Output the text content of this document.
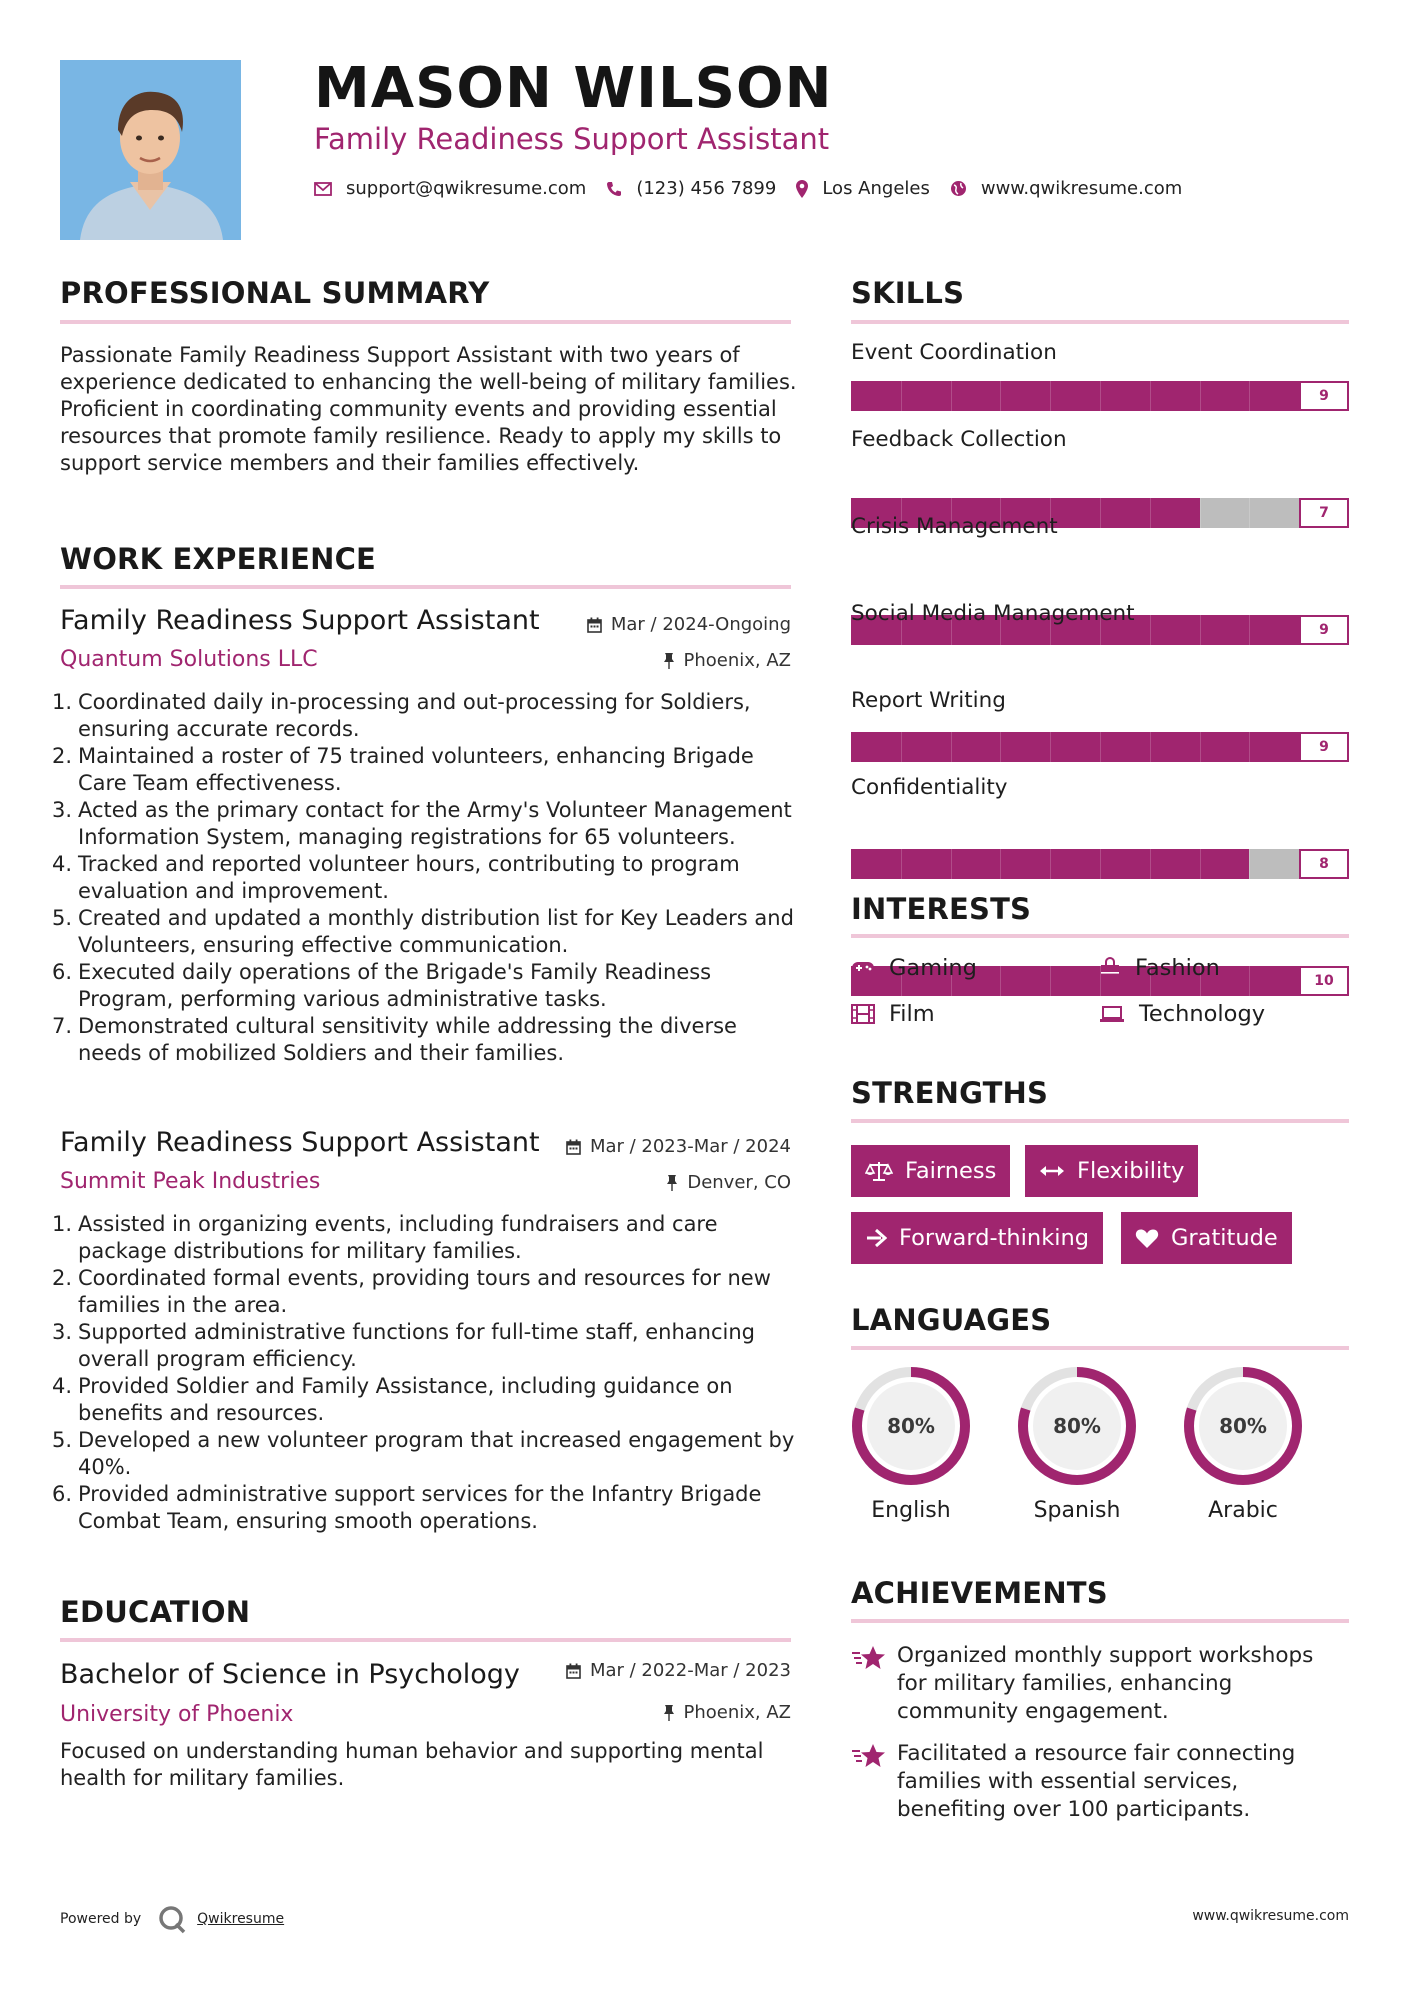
MASON WILSON
Family Readiness Support Assistant
support@qwikresume.com	(123) 456 7899	Los Angeles	www.qwikresume.com
PROFESSIONAL SUMMARY
Passionate Family Readiness Support Assistant with two years of experience dedicated to enhancing the well-being of military families. Proficient in coordinating community events and providing essential resources that promote family resilience. Ready to apply my skills to support service members and their families effectively.
WORK EXPERIENCE
Family Readiness Support Assistant	Mar / 2024-Ongoing
Quantum Solutions LLC	Phoenix, AZ
1. Coordinated daily in-processing and out-processing for Soldiers, ensuring accurate records.
2. Maintained a roster of 75 trained volunteers, enhancing Brigade Care Team effectiveness.
3. Acted as the primary contact for the Army's Volunteer Management Information System, managing registrations for 65 volunteers.
4. Tracked and reported volunteer hours, contributing to program evaluation and improvement.
5. Created and updated a monthly distribution list for Key Leaders and Volunteers, ensuring effective communication.
6. Executed daily operations of the Brigade's Family Readiness Program, performing various administrative tasks.
7. Demonstrated cultural sensitivity while addressing the diverse needs of mobilized Soldiers and their families.
Family Readiness Support Assistant	Mar / 2023-Mar / 2024
Summit Peak Industries	Denver, CO
1. Assisted in organizing events, including fundraisers and care package distributions for military families.
2. Coordinated formal events, providing tours and resources for new families in the area.
3. Supported administrative functions for full-time staff, enhancing overall program efficiency.
4. Provided Soldier and Family Assistance, including guidance on benefits and resources.
5. Developed a new volunteer program that increased engagement by 40%.
6. Provided administrative support services for the Infantry Brigade Combat Team, ensuring smooth operations.
EDUCATION
Bachelor of Science in Psychology	Mar / 2022-Mar / 2023
University of Phoenix	Phoenix, AZ
Focused on understanding human behavior and supporting mental health for military families.
SKILLS
Event Coordination
9
Feedback Collection
7
Crisis Management
9
Social Media Management
9
Report Writing
8
Confidentiality
10
INTERESTS
Gaming	Fashion
Film	Technology
STRENGTHS
Fairness	Flexibility
Forward-thinking	Gratitude
LANGUAGES
80%
English
80%
Spanish
80%
Arabic
ACHIEVEMENTS
Organized monthly support workshops for military families, enhancing community engagement.
Facilitated a resource fair connecting families with essential services, benefiting over 100 participants.
Powered by	Qwikresume	www.qwikresume.com
